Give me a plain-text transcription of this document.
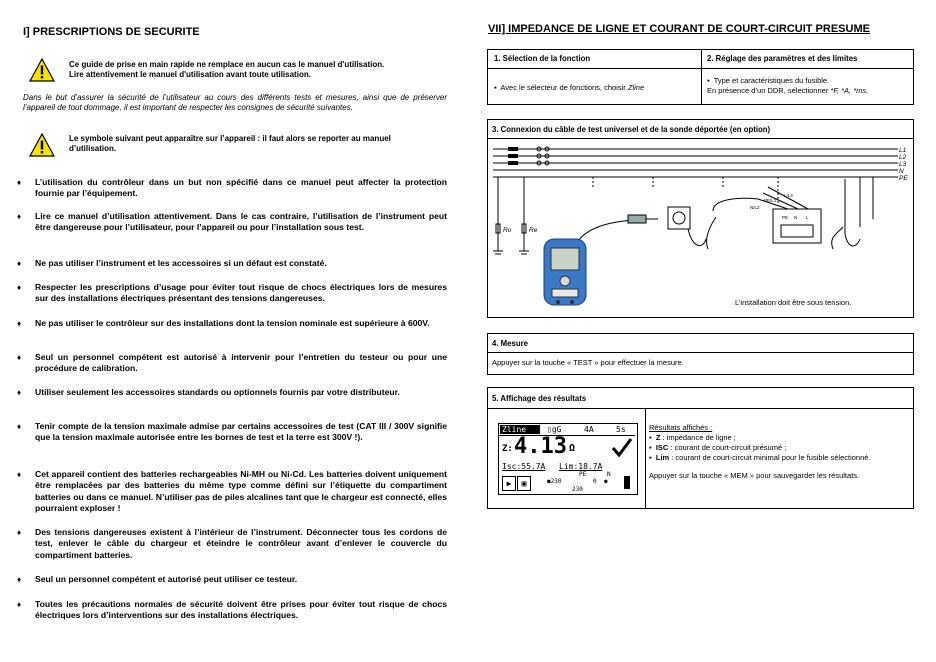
I] PRESCRIPTIONS DE SECURITE
Ce guide de prise en main rapide ne remplace en aucun cas le manuel d'utilisation.
Lire attentivement le manuel d'utilisation avant toute utilisation.
Dans le but d’assurer la sécurité de l’utilisateur au cours des différents tests et mesures, ainsi que de préserver l’appareil de tout dommage, il est important de respecter les consignes de sécurité suivantes.
Le symbole suivant peut apparaître sur l’appareil : il faut alors se reporter au manuel d’utilisation.
♦ L’utilisation du contrôleur dans un but non spécifié dans ce manuel peut affecter la protection fournie par l’équipement.
♦ Lire ce manuel d’utilisation attentivement. Dans le cas contraire, l’utilisation de l’instrument peut être dangereuse pour l’utilisateur, pour l’appareil ou pour l’installation sous test.
♦ Ne pas utiliser l’instrument et les accessoires si un défaut est constaté.
♦ Respecter les prescriptions d’usage pour éviter tout risque de chocs électriques lors de mesures sur des installations électriques présentant des tensions dangereuses.
♦ Ne pas utiliser le contrôleur sur des installations dont la tension nominale est supérieure à 600V.
♦ Seul un personnel compétent est autorisé à intervenir pour l’entretien du testeur ou pour une procédure de calibration.
♦ Utiliser seulement les accessoires standards ou optionnels fournis par votre distributeur.
♦ Tenir compte de la tension maximale admise par certains accessoires de test (CAT III / 300V signifie que la tension maximale autorisée entre les bornes de test et la terre est 300V !).
♦ Cet appareil contient des batteries rechargeables Ni-MH ou Ni-Cd. Les batteries doivent uniquement être remplacées par des batteries du même type comme défini sur l’étiquette du compartiment batteries ou dans ce manuel. N’utiliser pas de piles alcalines tant que le chargeur est connecté, elles pourraient exploser !
♦ Des tensions dangereuses existent à l’intérieur de l’instrument. Déconnecter tous les cordons de test, enlever le câble du chargeur et éteindre le contrôleur avant d’enlever le couvercle du compartiment batteries.
♦ Seul un personnel compétent et autorisé peut utiliser ce testeur.
♦ Toutes les précautions normales de sécurité doivent être prises pour éviter tout risque de chocs électriques lors d’interventions sur des installations électriques.
VII] IMPEDANCE DE LIGNE ET COURANT DE COURT-CIRCUIT PRESUME
1. Sélection de la fonction	2. Réglage des paramètres et des limites
▪  Avec le sélecteur de fonctions, choisir Zline
▪  Type et caractéristiques du fusible.
En présence d’un DDR, sélectionner *F, *A, *ms.
3. Connexion du câble de test universel et de la sonde déportée (en option)
L1
L2
L3
N
PE
Ro	Re
PE/L1
N/L2
L/L3
PE N L
L’installation doit être sous tension.
4. Mesure
Appuyer sur la touche « TEST » pour effectuer la mesure.
5. Affichage des résultats
Zline	▯gG	4A	5s
Z: 4.13 Ω
Isc:55.7A Lim:18.7A
▶	▣
PE	N
●230	0 ●
230
Résultats affichés :
▪  Z : impédance de ligne ;
▪  ISC : courant de court-circuit présumé ;
▪  Lim : courant de court-circuit minimal pour le fusible sélectionné.
Appuyer sur la touche « MEM » pour sauvegarder les résultats.
